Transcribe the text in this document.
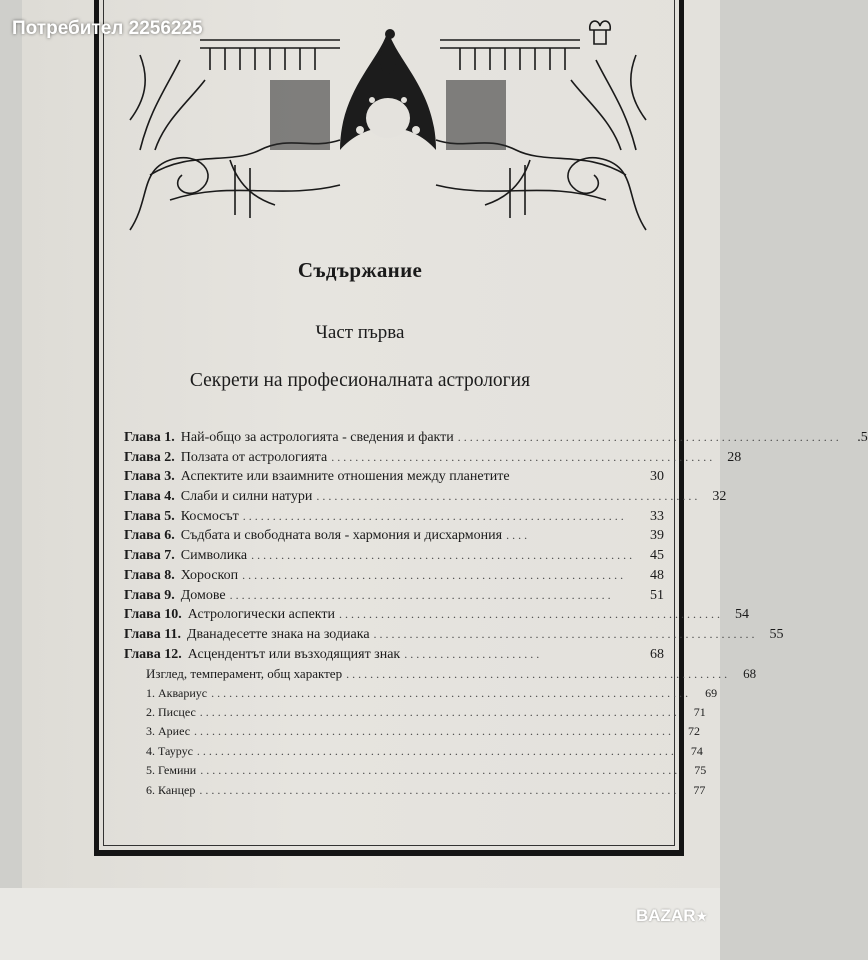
Потребител 2256225
Съдържание
Част първа
Секрети на професионалната астрология
Глава 1. Най-общо за астрологията - сведения и факти ................................................................	.5
Глава 2. Ползата от астрологията ................................................................ 28
Глава 3. Аспектите или взаимните отношения между планетите	30
Глава 4. Слаби и силни натури ................................................................ 32
Глава 5. Космосът ................................................................	33
Глава 6. Съдбата и свободната воля - хармония и дисхармония ....	39
Глава 7. Символика ................................................................	45
Глава 8. Хороскоп ................................................................	48
Глава 9. Домове ................................................................	51
Глава 10. Астрологически аспекти ................................................................ 54
Глава 11. Дванадесетте знака на зодиака ................................................................ 55
Глава 12. Асцендентът или възходящият знак .......................	68
Изглед, темперамент, общ характер ................................................................	68
1. Аквариус ................................................................................	69
2. Писцес ................................................................................	71
3. Ариес ................................................................................	72
4. Таурус ................................................................................	74
5. Гемини ................................................................................	75
6. Канцер ................................................................................	77
BAZAR★
